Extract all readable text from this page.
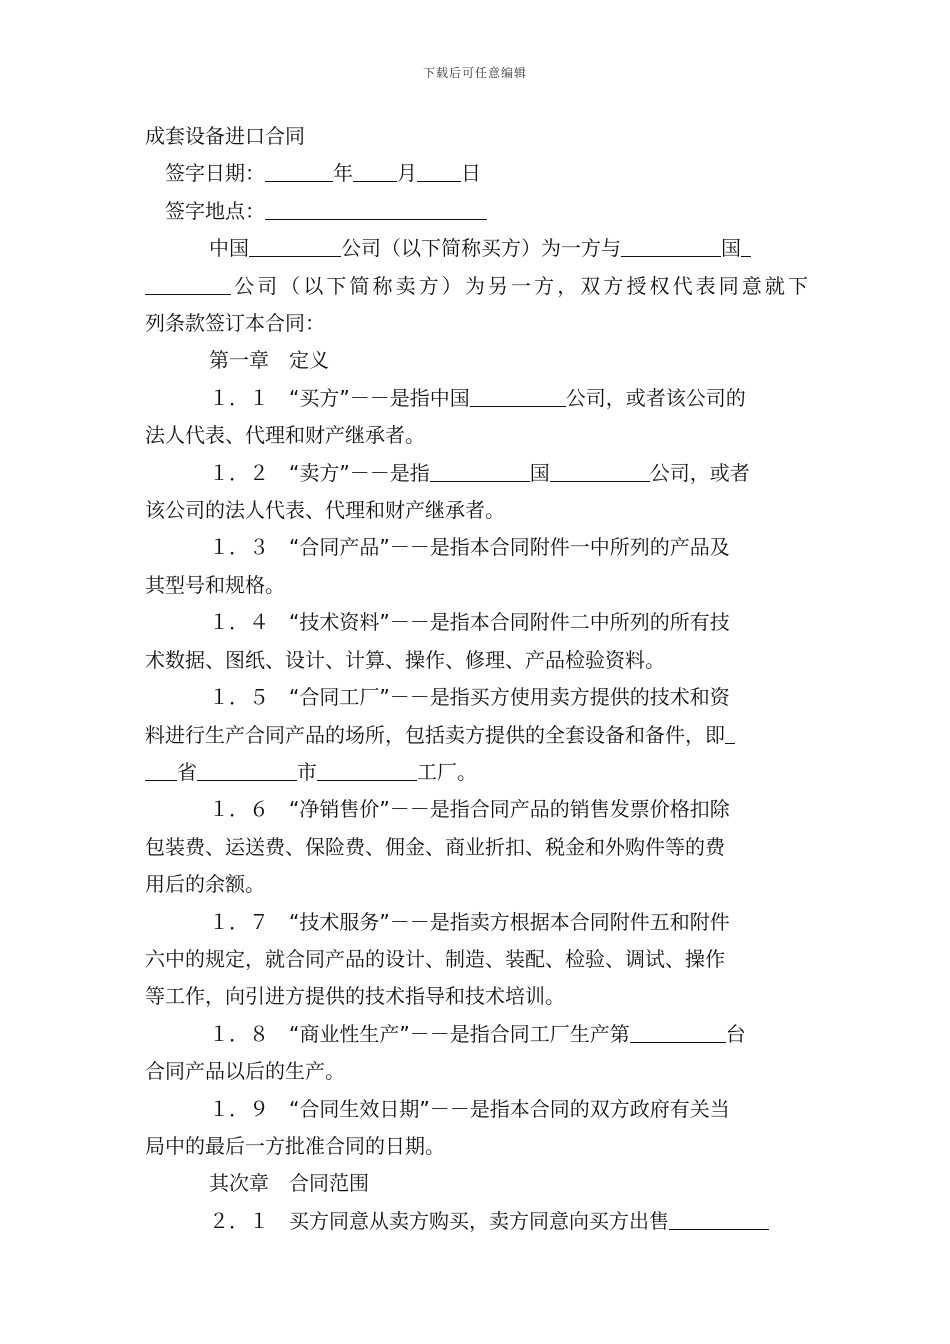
下载后可任意编辑
成套设备进口合同
签字日期：	年 月 日
签字地点：
中国	公司（以下简称买方）为一方与	国
公司（以下简称卖方）为另一方，双方授权代表同意就下
列条款签订本合同：
第一章　定义
１．１　“买方”－－是指中国	公司，或者该公司的
法人代表、代理和财产继承者。
１．２　“卖方”－－是指	国	公司，或者
该公司的法人代表、代理和财产继承者。
１．３　“合同产品”－－是指本合同附件一中所列的产品及
其型号和规格。
１．４　“技术资料”－－是指本合同附件二中所列的所有技
术数据、图纸、设计、计算、操作、修理、产品检验资料。
１．５　“合同工厂”－－是指买方使用卖方提供的技术和资
料进行生产合同产品的场所，包括卖方提供的全套设备和备件，即
省	市	工厂。
１．６　“净销售价”－－是指合同产品的销售发票价格扣除
包装费、运送费、保险费、佣金、商业折扣、税金和外购件等的费
用后的余额。
１．７　“技术服务”－－是指卖方根据本合同附件五和附件
六中的规定，就合同产品的设计、制造、装配、检验、调试、操作
等工作，向引进方提供的技术指导和技术培训。
１．８　“商业性生产”－－是指合同工厂生产第	台
合同产品以后的生产。
１．９　“合同生效日期”－－是指本合同的双方政府有关当
局中的最后一方批准合同的日期。
其次章　合同范围
２．１　买方同意从卖方购买，卖方同意向买方出售
